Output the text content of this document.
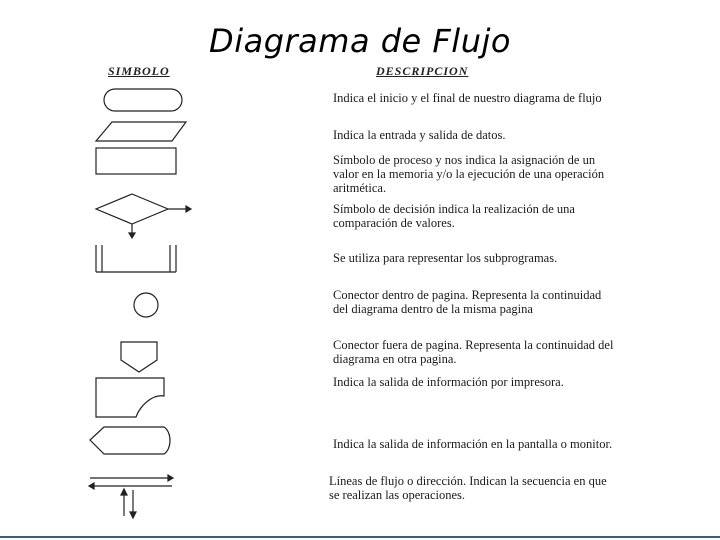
Diagrama de Flujo
SIMBOLO	DESCRIPCION
Indica el inicio y el final de nuestro diagrama de flujo
Indica la entrada y salida de datos.
Símbolo de proceso y nos indica la asignación de un valor en la memoria y/o la ejecución de una operación aritmética.
Símbolo de decisión indica la realización de una comparación de valores.
Se utiliza para representar los subprogramas.
Conector dentro de pagina. Representa la continuidad del diagrama dentro de la misma pagina
Conector fuera de pagina. Representa la continuidad del diagrama en otra pagina.
Indica la salida de información por impresora.
Indica la salida de información en la pantalla o monitor.
Líneas de flujo o dirección. Indican la secuencia en que se realizan las operaciones.
